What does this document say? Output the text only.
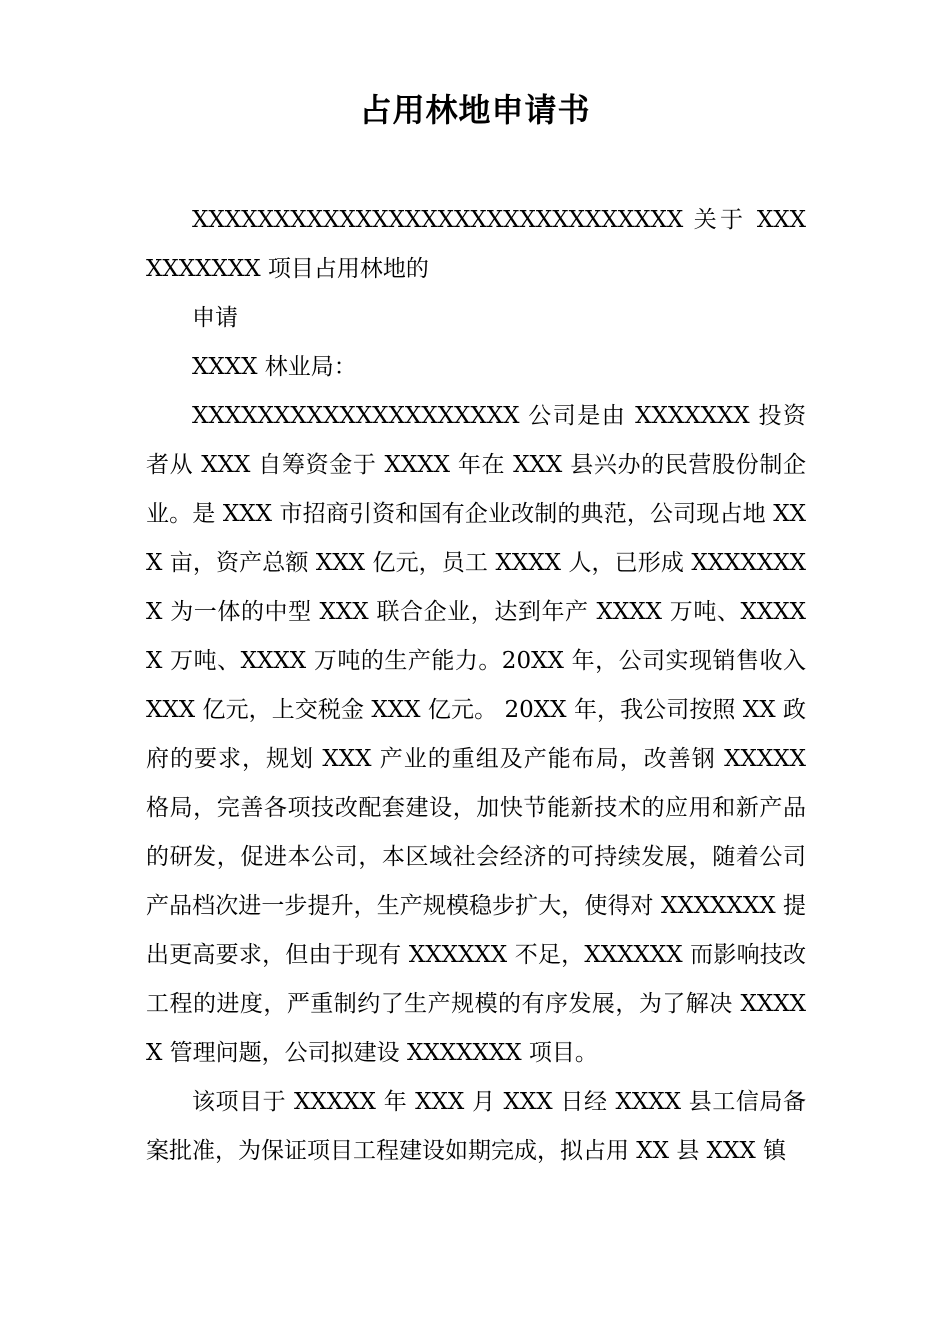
占用林地申请书

XXXXXXXXXXXXXXXXXXXXXXXXXXXXXX 关于 XXXXXXXXXX 项目占用林地的

申请

XXXX 林业局：

XXXXXXXXXXXXXXXXXXXX 公司是由 XXXXXXX 投资者从 XXX 自筹资金于 XXXX 年在 XXX 县兴办的民营股份制企业。是 XXX 市招商引资和国有企业改制的典范，公司现占地 XXX 亩，资产总额 XXX 亿元，员工 XXXX 人，已形成 XXXXXXXX 为一体的中型 XXX 联合企业，达到年产 XXXX 万吨、XXXXX 万吨、XXXX 万吨的生产能力。20XX 年，公司实现销售收入 XXX 亿元，上交税金 XXX 亿元。 20XX 年，我公司按照 XX 政府的要求，规划 XXX 产业的重组及产能布局，改善钢 XXXXX 格局，完善各项技改配套建设，加快节能新技术的应用和新产品的研发，促进本公司，本区域社会经济的可持续发展，随着公司产品档次进一步提升，生产规模稳步扩大，使得对 XXXXXXX 提出更高要求，但由于现有 XXXXXX 不足，XXXXXX 而影响技改工程的进度，严重制约了生产规模的有序发展，为了解决 XXXXX 管理问题，公司拟建设 XXXXXXX 项目。

该项目于 XXXXX 年 XXX 月 XXX 日经 XXXX 县工信局备案批准，为保证项目工程建设如期完成，拟占用 XX 县 XXX 镇
